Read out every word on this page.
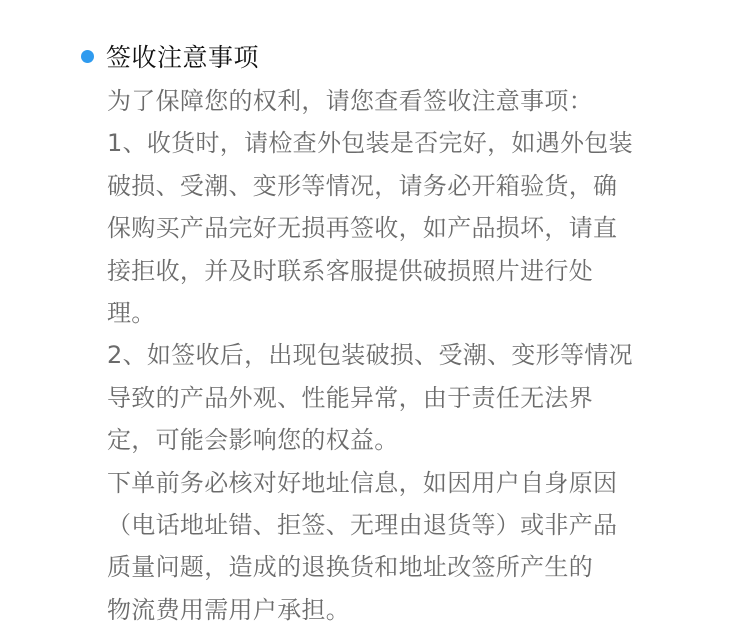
签收注意事项
为了保障您的权利，请您查看签收注意事项：
1、收货时，请检查外包装是否完好，如遇外包装
破损、受潮、变形等情况，请务必开箱验货，确
保购买产品完好无损再签收，如产品损坏，请直
接拒收，并及时联系客服提供破损照片进行处
理。
2、如签收后，出现包装破损、受潮、变形等情况
导致的产品外观、性能异常，由于责任无法界
定，可能会影响您的权益。
下单前务必核对好地址信息，如因用户自身原因
（电话地址错、拒签、无理由退货等）或非产品
质量问题，造成的退换货和地址改签所产生的
物流费用需用户承担。
